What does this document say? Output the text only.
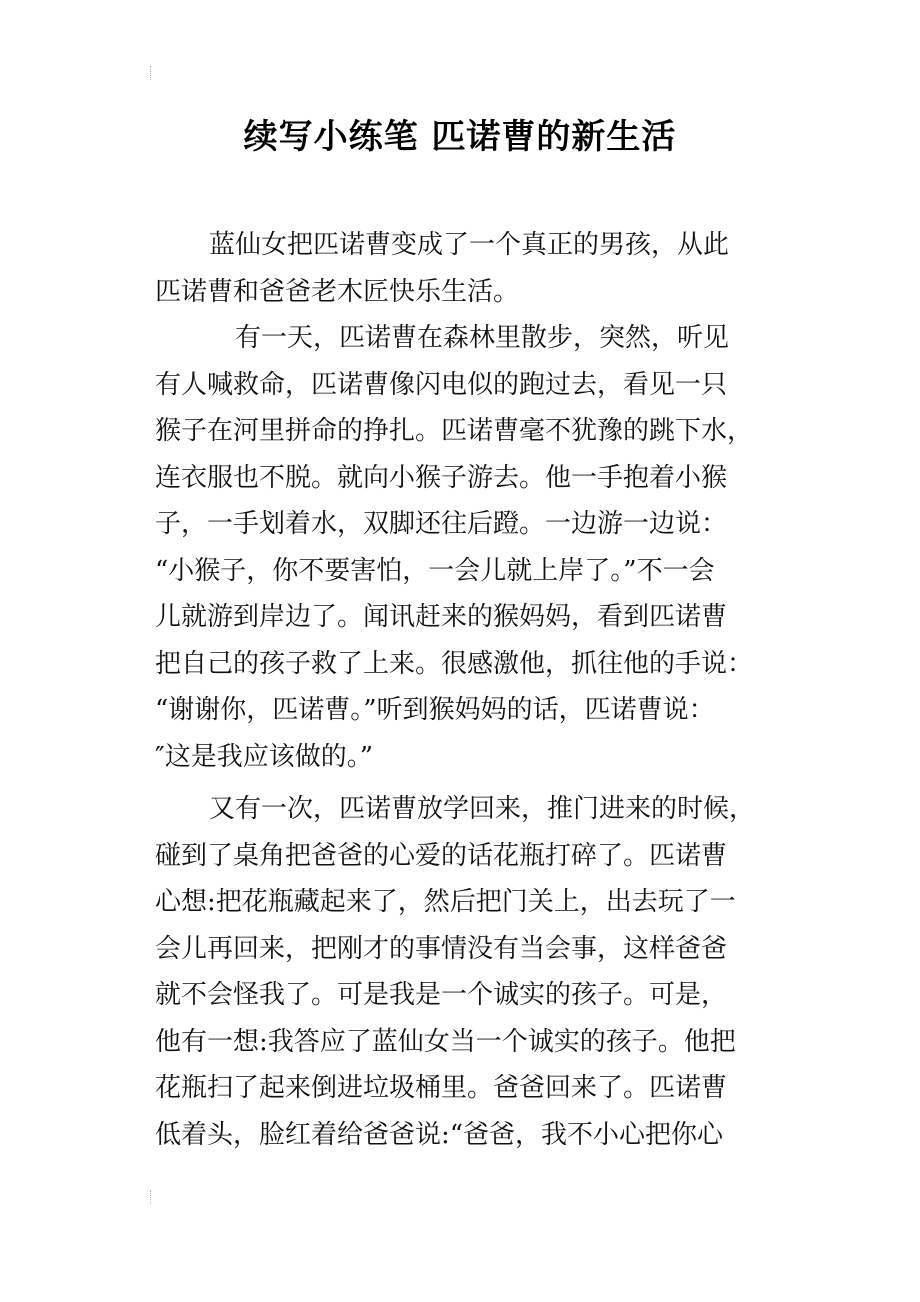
续写小练笔 匹诺曹的新生活
蓝仙女把匹诺曹变成了一个真正的男孩，从此
匹诺曹和爸爸老木匠快乐生活。
有一天，匹诺曹在森林里散步，突然，听见
有人喊救命，匹诺曹像闪电似的跑过去，看见一只
猴子在河里拼命的挣扎。匹诺曹毫不犹豫的跳下水，
连衣服也不脱。就向小猴子游去。他一手抱着小猴
子，一手划着水，双脚还往后蹬。一边游一边说：
“小猴子，你不要害怕，一会儿就上岸了。”不一会
儿就游到岸边了。闻讯赶来的猴妈妈，看到匹诺曹
把自己的孩子救了上来。很感激他，抓往他的手说：
“谢谢你，匹诺曹。”听到猴妈妈的话，匹诺曹说：
″这是我应该做的。”
又有一次，匹诺曹放学回来，推门进来的时候，
碰到了桌角把爸爸的心爱的话花瓶打碎了。匹诺曹
心想:把花瓶藏起来了，然后把门关上，出去玩了一
会儿再回来，把刚才的事情没有当会事，这样爸爸
就不会怪我了。可是我是一个诚实的孩子。可是，
他有一想:我答应了蓝仙女当一个诚实的孩子。他把
花瓶扫了起来倒进垃圾桶里。爸爸回来了。匹诺曹
低着头，脸红着给爸爸说:“爸爸，我不小心把你心
